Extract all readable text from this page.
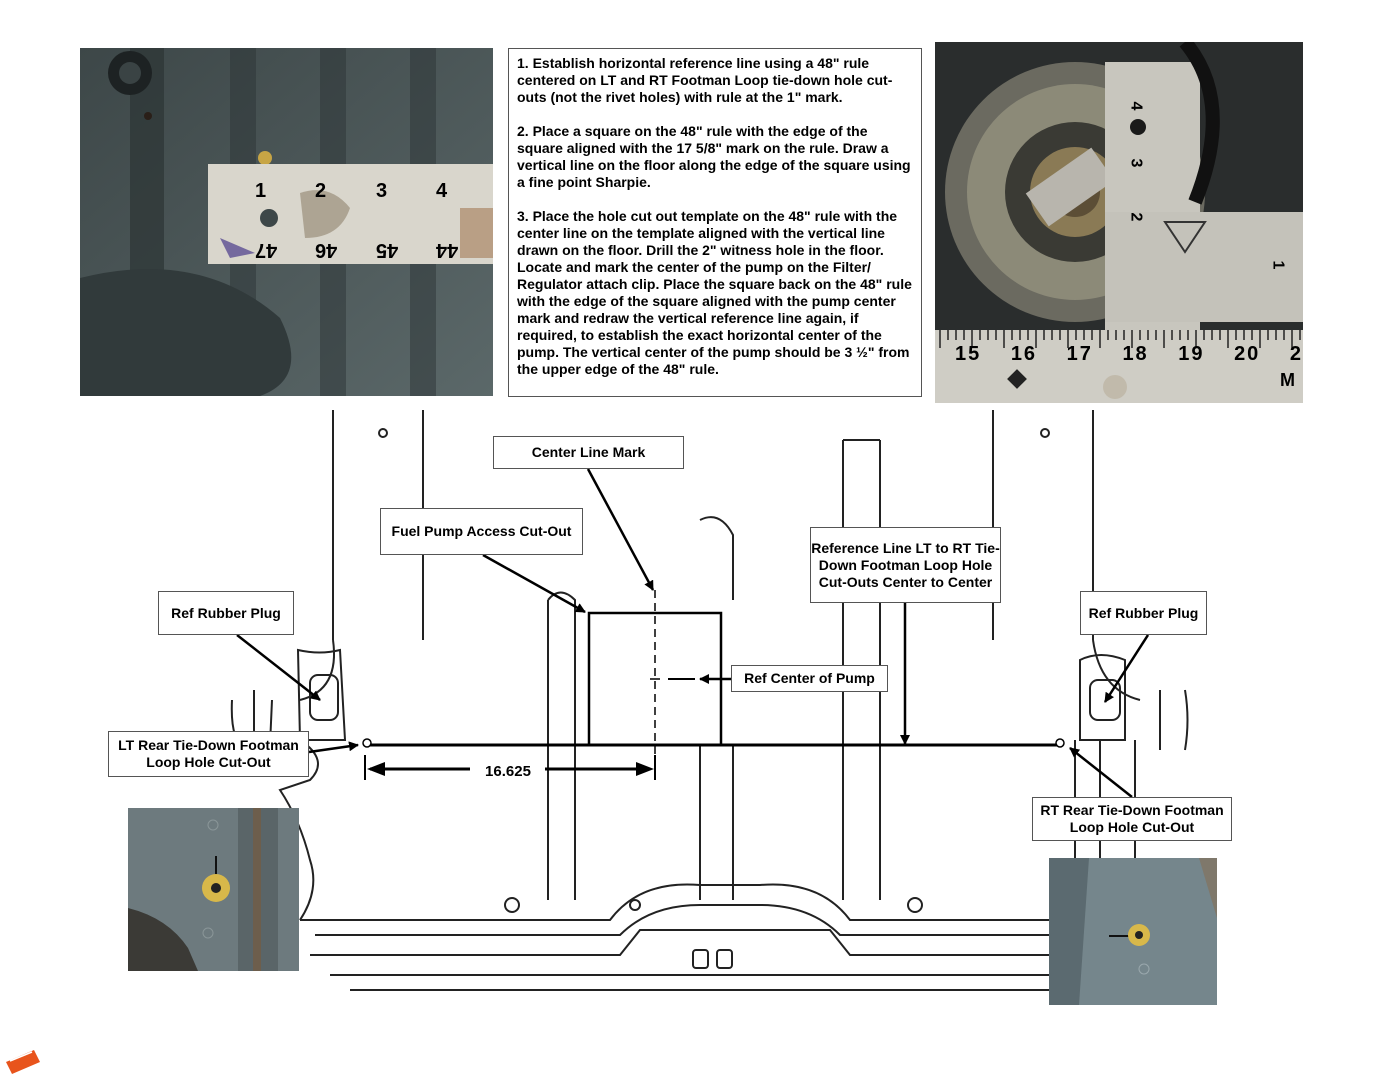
1 2 3 4
47 46 45 44

1. Establish horizontal reference line using a 48" rule centered on LT and RT Footman Loop tie-down hole cut-outs (not the rivet holes) with rule at the 1" mark.

2. Place a square on the 48" rule with the edge of the square aligned with the 17 5/8" mark on the rule. Draw a vertical line on the floor along the edge of the square using a fine point Sharpie.

3. Place the hole cut out template on the 48" rule with the center line on the template aligned with the vertical line drawn on the floor. Drill the 2" witness hole in the floor. Locate and mark the center of the pump on the Filter/ Regulator attach clip. Place the square back on the 48" rule with the edge of the square aligned with the pump center mark and redraw the vertical reference line again, if required, to establish the exact horizontal center of the pump. The vertical center of the pump should be 3 ½" from the upper edge of the 48" rule.

15 16 17 18 19 20 2
M
4
3
2
1
16.625
Center Line Mark
Fuel Pump Access Cut-Out
Reference Line LT to RT Tie-Down Footman Loop Hole Cut-Outs Center to Center
Ref Rubber Plug	Ref Rubber Plug
Ref Center of Pump
LT Rear Tie-Down Footman Loop Hole Cut-Out
RT Rear Tie-Down Footman Loop Hole Cut-Out
